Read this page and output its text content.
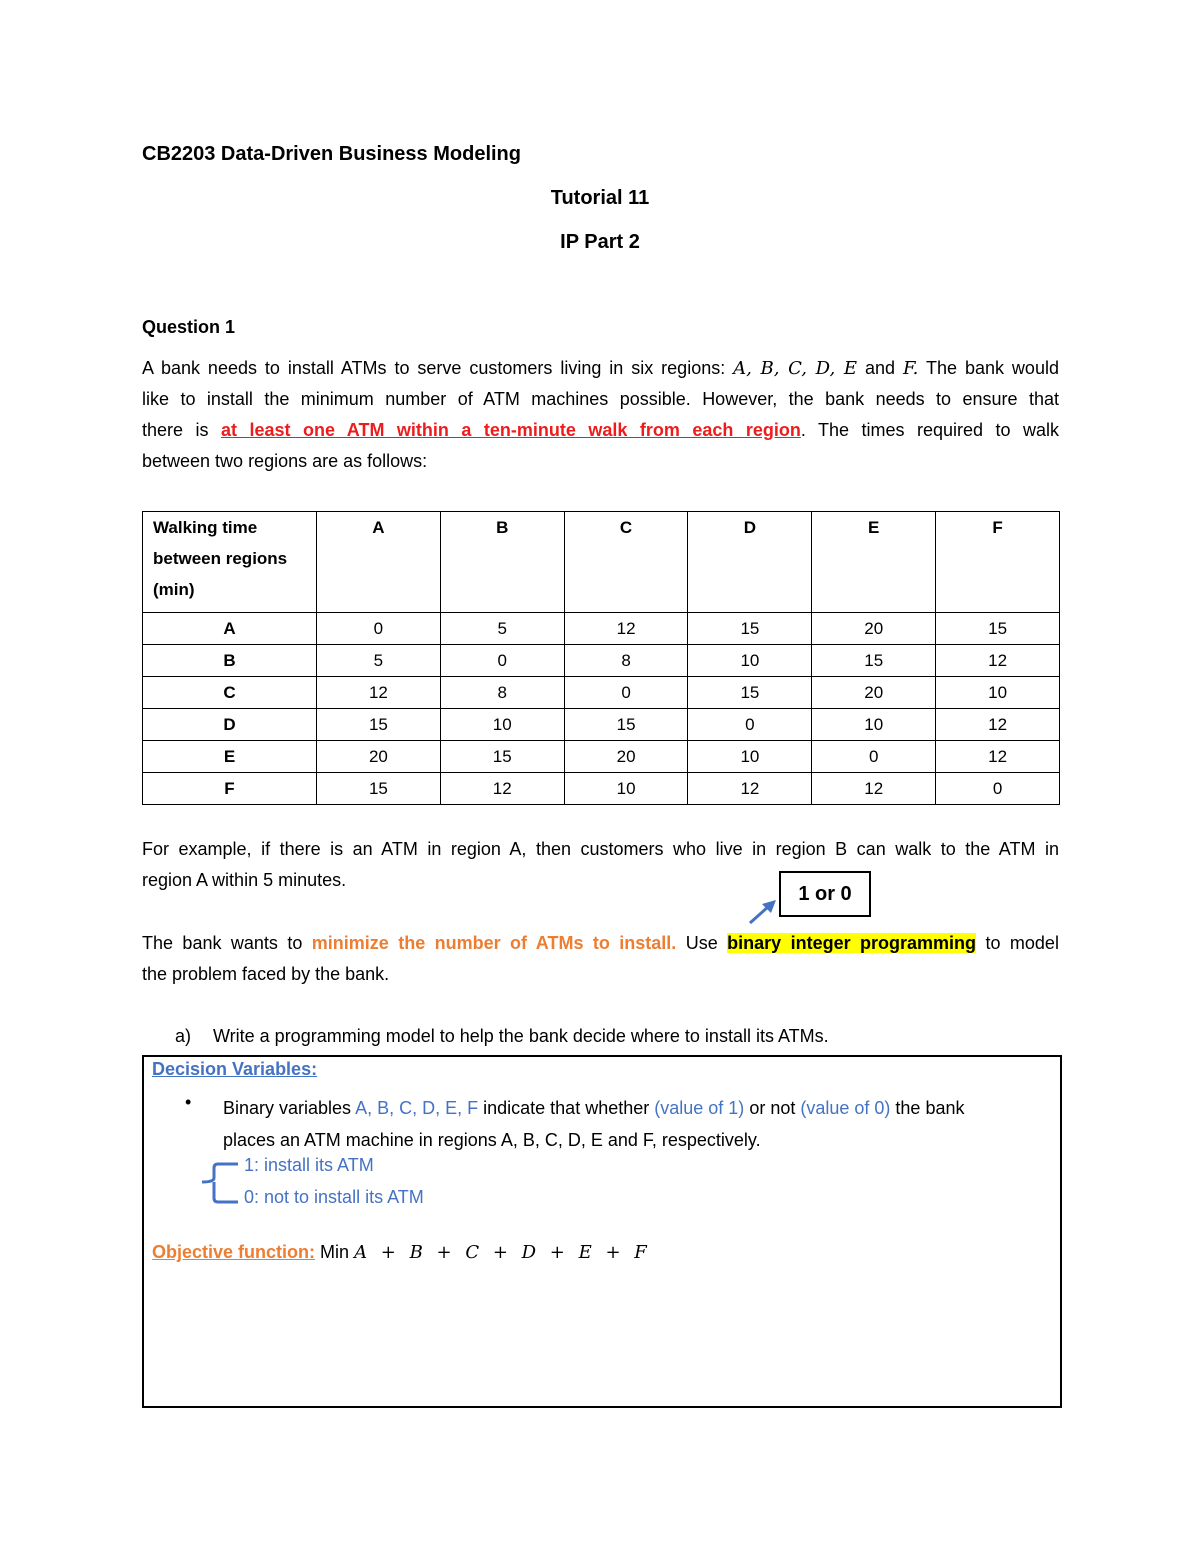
CB2203 Data-Driven Business Modeling
Tutorial 11
IP Part 2
Question 1
A bank needs to install ATMs to serve customers living in six regions: A, B, C, D, E and F. The bank would
like to install the minimum number of ATM machines possible. However, the bank needs to ensure that
there is at least one ATM within a ten-minute walk from each region. The times required to walk
between two regions are as follows:
Walking time
between regions
(min)	A	B	C	D	E	F
A	0	5	12	15	20	15
B	5	0	8	10	15	12
C	12	8	0	15	20	10
D	15	10	15	0	10	12
E	20	15	20	10	0	12
F	15	12	10	12	12	0
For example, if there is an ATM in region A, then customers who live in region B can walk to the ATM in
region A within 5 minutes.
1 or 0
The bank wants to minimize the number of ATMs to install. Use binary integer programming to model
the problem faced by the bank.
a) Write a programming model to help the bank decide where to install its ATMs.
Decision Variables:
• Binary variables A, B, C, D, E, F indicate that whether (value of 1) or not (value of 0) the bank
places an ATM machine in regions A, B, C, D, E and F, respectively.
1: install its ATM
0: not to install its ATM
Objective function: Min A + B + C + D + E + F
